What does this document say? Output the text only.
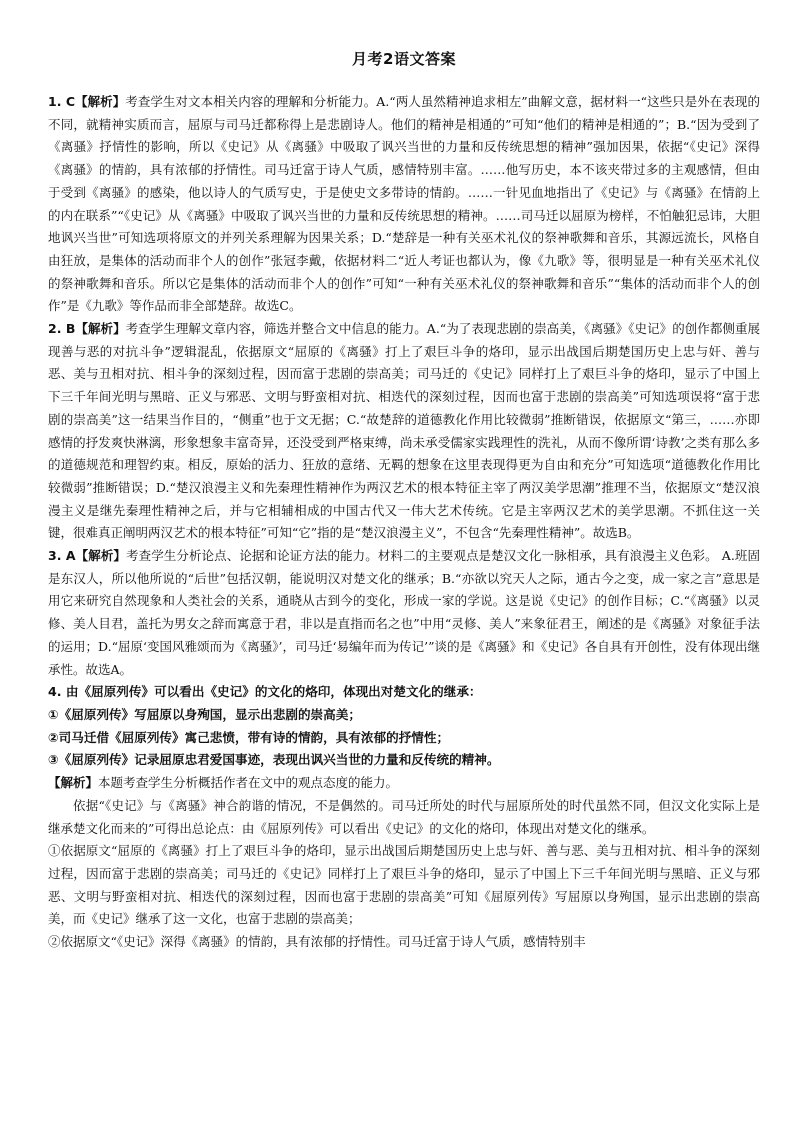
月考2语文答案

1. C【解析】考查学生对文本相关内容的理解和分析能力。A.“两人虽然精神追求相左”曲解文意，据材料一“这些只是外在表现的不同，就精神实质而言，屈原与司马迁都称得上是悲剧诗人。他们的精神是相通的”可知“他们的精神是相通的”；B.“因为受到了《离骚》抒情性的影响，所以《史记》从《离骚》中吸取了讽兴当世的力量和反传统思想的精神”强加因果，依据“《史记》深得《离骚》的情韵，具有浓郁的抒情性。司马迁富于诗人气质，感情特别丰富。……他写历史，本不该夹带过多的主观感情，但由于受到《离骚》的感染，他以诗人的气质写史，于是使史文多带诗的情韵。……一针见血地指出了《史记》与《离骚》在情韵上的内在联系”“《史记》从《离骚》中吸取了讽兴当世的力量和反传统思想的精神。……司马迁以屈原为榜样，不怕触犯忌讳，大胆地讽兴当世”可知选项将原文的并列关系理解为因果关系；D.“楚辞是一种有关巫术礼仪的祭神歌舞和音乐，其源远流长，风格自由狂放，是集体的活动而非个人的创作”张冠李戴，依据材料二“近人考证也都认为，像《九歌》等，很明显是一种有关巫术礼仪的祭神歌舞和音乐。所以它是集体的活动而非个人的创作”可知“一种有关巫术礼仪的祭神歌舞和音乐”“集体的活动而非个人的创作”是《九歌》等作品而非全部楚辞。故选C。

2. B【解析】考查学生理解文章内容，筛选并整合文中信息的能力。A.“为了表现悲剧的崇高美，《离骚》《史记》的创作都侧重展现善与恶的对抗斗争”逻辑混乱，依据原文“屈原的《离骚》打上了艰巨斗争的烙印，显示出战国后期楚国历史上忠与奸、善与恶、美与丑相对抗、相斗争的深刻过程，因而富于悲剧的崇高美；司马迁的《史记》同样打上了艰巨斗争的烙印，显示了中国上下三千年间光明与黑暗、正义与邪恶、文明与野蛮相对抗、相迭代的深刻过程，因而也富于悲剧的崇高美”可知选项误将“富于悲剧的崇高美”这一结果当作目的，“侧重”也于文无据；C.“故楚辞的道德教化作用比较微弱”推断错误，依据原文“第三，……亦即感情的抒发爽快淋漓，形象想象丰富奇异，还没受到严格束缚，尚未承受儒家实践理性的洗礼，从而不像所谓‘诗教’之类有那么多的道德规范和理智约束。相反，原始的活力、狂放的意绪、无羁的想象在这里表现得更为自由和充分”可知选项“道德教化作用比较微弱”推断错误；D.“楚汉浪漫主义和先秦理性精神作为两汉艺术的根本特征主宰了两汉美学思潮”推理不当，依据原文“楚汉浪漫主义是继先秦理性精神之后，并与它相辅相成的中国古代又一伟大艺术传统。它是主宰两汉艺术的美学思潮。不抓住这一关键，很难真正阐明两汉艺术的根本特征”可知“它”指的是“楚汉浪漫主义”，不包含“先秦理性精神”。故选B。

3. A【解析】考查学生分析论点、论据和论证方法的能力。材料二的主要观点是楚汉文化一脉相承，具有浪漫主义色彩。 A.班固是东汉人，所以他所说的“后世”包括汉朝，能说明汉对楚文化的继承；B.“亦欲以究天人之际，通古今之变，成一家之言”意思是用它来研究自然现象和人类社会的关系，通晓从古到今的变化，形成一家的学说。这是说《史记》的创作目标；C.“《离骚》以灵修、美人目君，盖托为男女之辞而寓意于君，非以是直指而名之也”中用“灵修、美人”来象征君王，阐述的是《离骚》对象征手法的运用；D.“屈原‘变国风雅颂而为《离骚》’，司马迁‘易编年而为传记’”谈的是《离骚》和《史记》各自具有开创性，没有体现出继承性。故选A。

4. 由《屈原列传》可以看出《史记》的文化的烙印，体现出对楚文化的继承：

①《屈原列传》写屈原以身殉国，显示出悲剧的崇高美；

②司马迁借《屈原列传》寓己悲愤，带有诗的情韵，具有浓郁的抒情性；

③《屈原列传》记录屈原忠君爱国事迹，表现出讽兴当世的力量和反传统的精神。

【解析】本题考查学生分析概括作者在文中的观点态度的能力。

依据“《史记》与《离骚》神合韵谐的情况，不是偶然的。司马迁所处的时代与屈原所处的时代虽然不同，但汉文化实际上是继承楚文化而来的”可得出总论点：由《屈原列传》可以看出《史记》的文化的烙印，体现出对楚文化的继承。

①依据原文“屈原的《离骚》打上了艰巨斗争的烙印，显示出战国后期楚国历史上忠与奸、善与恶、美与丑相对抗、相斗争的深刻过程，因而富于悲剧的崇高美；司马迁的《史记》同样打上了艰巨斗争的烙印，显示了中国上下三千年间光明与黑暗、正义与邪恶、文明与野蛮相对抗、相迭代的深刻过程，因而也富于悲剧的崇高美”可知《屈原列传》写屈原以身殉国，显示出悲剧的崇高美，而《史记》继承了这一文化，也富于悲剧的崇高美；

②依据原文“《史记》深得《离骚》的情韵，具有浓郁的抒情性。司马迁富于诗人气质，感情特别丰
